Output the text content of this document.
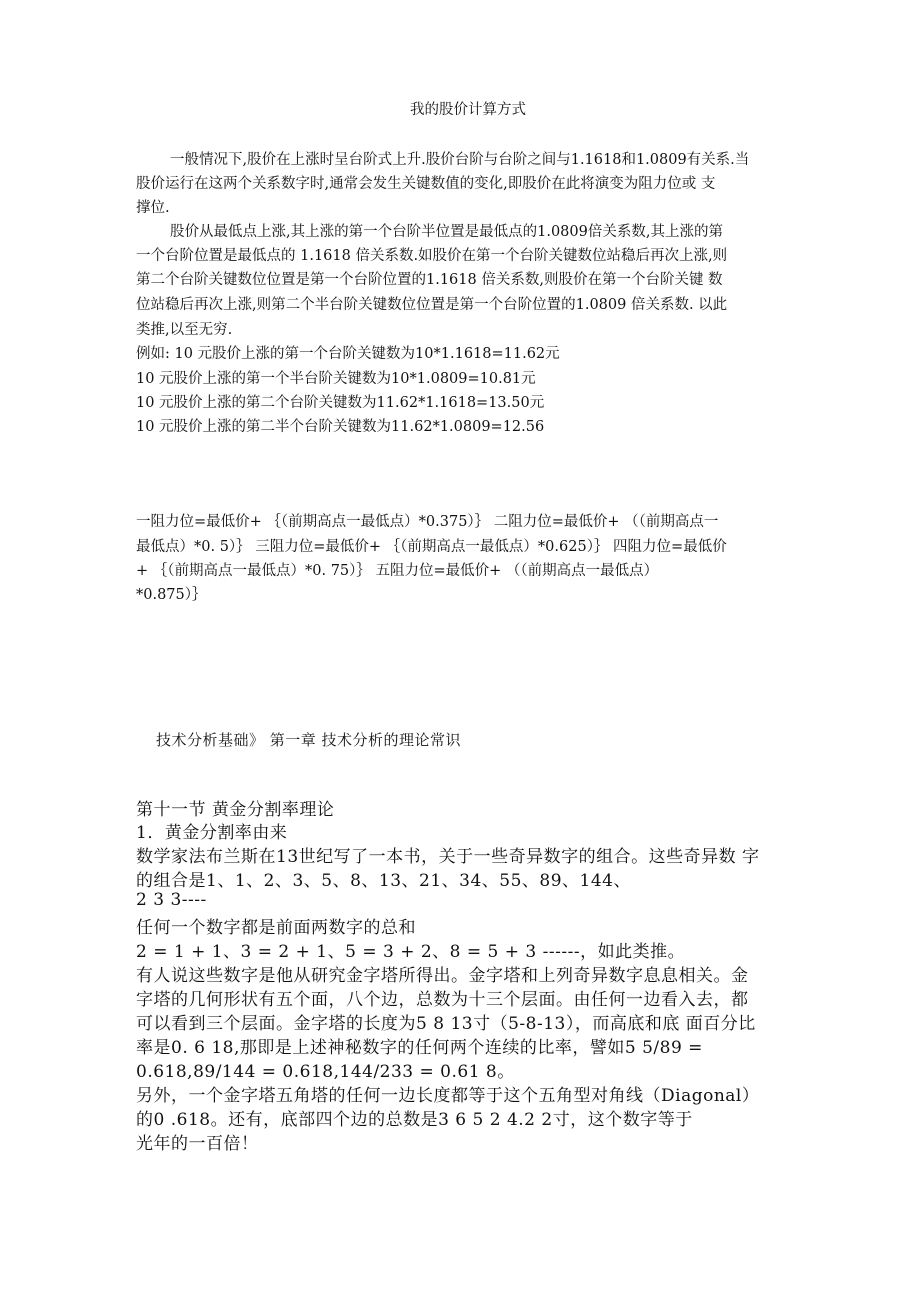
我的股价计算方式
一般情况下,股价在上涨时呈台阶式上升.股价台阶与台阶之间与1.1618和1.0809有关系.当
股价运行在这两个关系数字时,通常会发生关键数值的变化,即股价在此将演变为阻力位或 支
撑位.
股价从最低点上涨,其上涨的第一个台阶半位置是最低点的1.0809倍关系数,其上涨的第
一个台阶位置是最低点的 1.1618 倍关系数.如股价在第一个台阶关键数位站稳后再次上涨,则
第二个台阶关键数位位置是第一个台阶位置的1.1618 倍关系数,则股价在第一个台阶关键 数
位站稳后再次上涨,则第二个半台阶关键数位位置是第一个台阶位置的1.0809 倍关系数. 以此
类推,以至无穷.
例如: 10 元股价上涨的第一个台阶关键数为10*1.1618=11.62元
10 元股价上涨的第一个半台阶关键数为10*1.0809=10.81元
10 元股价上涨的第二个台阶关键数为11.62*1.1618=13.50元
10 元股价上涨的第二半个台阶关键数为11.62*1.0809=12.56
一阻力位=最低价+ ｛（前期高点一最低点）*0.375）｝ 二阻力位=最低价+ （（前期高点一
最低点）*0. 5）｝ 三阻力位=最低价+ ｛（前期高点一最低点）*0.625）｝ 四阻力位=最低价
+ ｛（前期高点一最低点）*0. 75）｝ 五阻力位=最低价+ （（前期高点一最低点）
*0.875）｝
技术分析基础》 第一章 技术分析的理论常识
第十一节 黄金分割率理论
1．黄金分割率由来
数学家法布兰斯在13世纪写了一本书，关于一些奇异数字的组合。这些奇异数 字
的组合是1、1、2、3、5、8、13、21、34、55、89、144、
2 3 3----
任何一个数字都是前面两数字的总和
2 = 1 + 1、3 = 2 + 1、5 = 3 + 2、8 = 5 + 3 ------，如此类推。
有人说这些数字是他从研究金字塔所得出。金字塔和上列奇异数字息息相关。金
字塔的几何形状有五个面，八个边，总数为十三个层面。由任何一边看入去，都
可以看到三个层面。金字塔的长度为5 8 13寸（5-8-13），而高底和底 面百分比
率是0. 6 18,那即是上述神秘数字的任何两个连续的比率，譬如5 5/89 =
0.618,89/144 = 0.618,144/233 = 0.61 8。
另外，一个金字塔五角塔的任何一边长度都等于这个五角型对角线（Diagonal）
的0 .618。还有，底部四个边的总数是3 6 5 2 4.2 2寸，这个数字等于
光年的一百倍！
